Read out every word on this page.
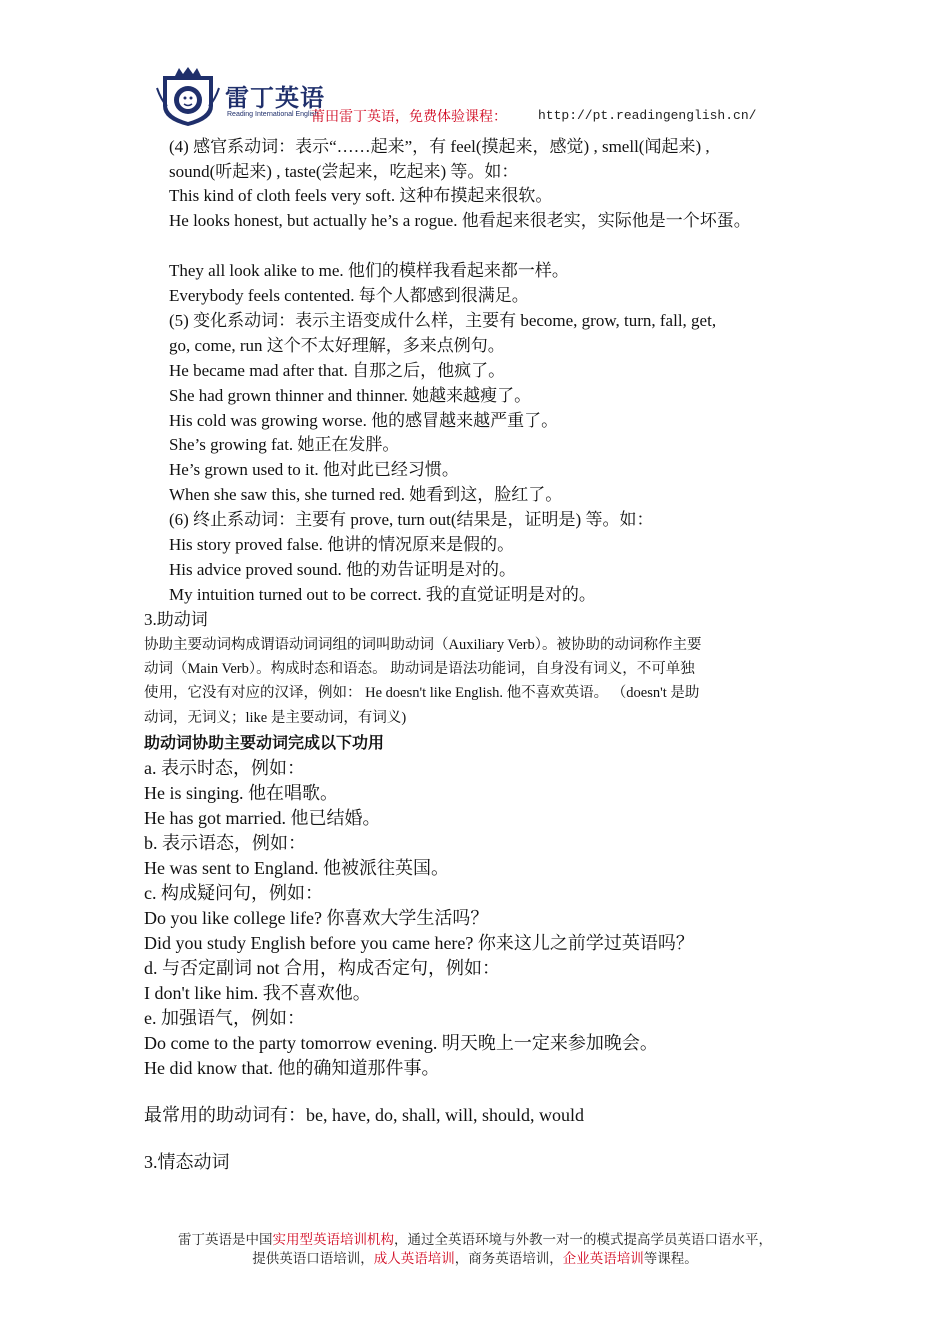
雷丁英语
Reading International English
莆田雷丁英语，免费体验课程： http://pt.readingenglish.cn/
(4) 感官系动词：表示“……起来”，有 feel(摸起来，感觉) , smell(闻起来) ,
sound(听起来) , taste(尝起来，吃起来) 等。如：
This kind of cloth feels very soft. 这种布摸起来很软。
He looks honest, but actually he’s a rogue. 他看起来很老实，实际他是一个坏蛋。
They all look alike to me. 他们的模样我看起来都一样。
Everybody feels contented. 每个人都感到很满足。
(5) 变化系动词：表示主语变成什么样，主要有 become, grow, turn, fall, get,
go, come, run 这个不太好理解，多来点例句。
He became mad after that. 自那之后，他疯了。
She had grown thinner and thinner. 她越来越瘦了。
His cold was growing worse. 他的感冒越来越严重了。
She’s growing fat. 她正在发胖。
He’s grown used to it. 他对此已经习惯。
When she saw this, she turned red. 她看到这，脸红了。
(6) 终止系动词：主要有 prove, turn out(结果是，证明是) 等。如：
His story proved false. 他讲的情况原来是假的。
His advice proved sound. 他的劝告证明是对的。
My intuition turned out to be correct. 我的直觉证明是对的。
3.助动词
协助主要动词构成谓语动词词组的词叫助动词（Auxiliary Verb）。被协助的动词称作主要
动词（Main Verb）。构成时态和语态。 助动词是语法功能词，自身没有词义，不可单独
使用，它没有对应的汉译，例如： He doesn't like English. 他不喜欢英语。 （doesn't 是助
动词，无词义；like 是主要动词，有词义)
助动词协助主要动词完成以下功用
a. 表示时态，例如：
He is singing. 他在唱歌。
He has got married. 他已结婚。
b. 表示语态，例如：
He was sent to England. 他被派往英国。
c. 构成疑问句，例如：
Do you like college life? 你喜欢大学生活吗？
Did you study English before you came here? 你来这儿之前学过英语吗？
d. 与否定副词 not 合用，构成否定句，例如：
I don't like him. 我不喜欢他。
e. 加强语气，例如：
Do come to the party tomorrow evening. 明天晚上一定来参加晚会。
He did know that. 他的确知道那件事。
最常用的助动词有：be, have, do, shall, will, should, would
3.情态动词
雷丁英语是中国实用型英语培训机构，通过全英语环境与外教一对一的模式提高学员英语口语水平，
提供英语口语培训，成人英语培训，商务英语培训，企业英语培训等课程。
